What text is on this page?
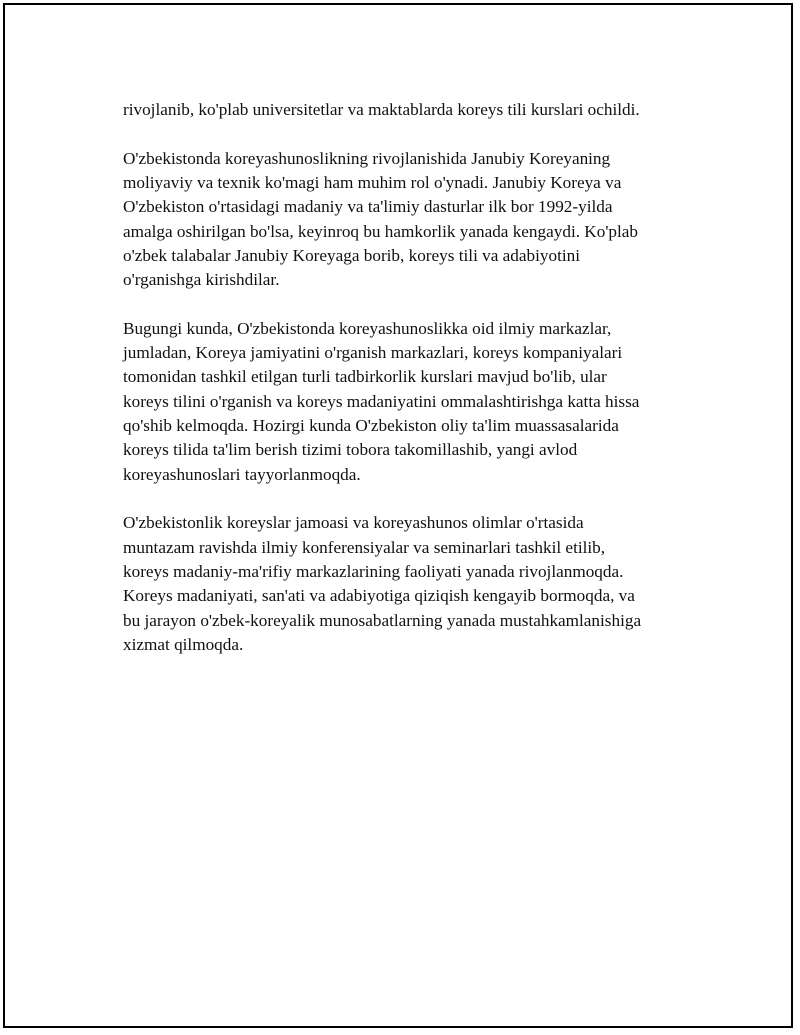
rivojlanib, ko'plab universitetlar va maktablarda koreys tili kurslari ochildi.

O'zbekistonda koreyashunoslikning rivojlanishida Janubiy Koreyaning
moliyaviy va texnik ko'magi ham muhim rol o'ynadi. Janubiy Koreya va
O'zbekiston o'rtasidagi madaniy va ta'limiy dasturlar ilk bor 1992-yilda
amalga oshirilgan bo'lsa, keyinroq bu hamkorlik yanada kengaydi. Ko'plab
o'zbek talabalar Janubiy Koreyaga borib, koreys tili va adabiyotini
o'rganishga kirishdilar.

Bugungi kunda, O'zbekistonda koreyashunoslikka oid ilmiy markazlar,
jumladan, Koreya jamiyatini o'rganish markazlari, koreys kompaniyalari
tomonidan tashkil etilgan turli tadbirkorlik kurslari mavjud bo'lib, ular
koreys tilini o'rganish va koreys madaniyatini ommalashtirishga katta hissa
qo'shib kelmoqda. Hozirgi kunda O'zbekiston oliy ta'lim muassasalarida
koreys tilida ta'lim berish tizimi tobora takomillashib, yangi avlod
koreyashunoslari tayyorlanmoqda.

O'zbekistonlik koreyslar jamoasi va koreyashunos olimlar o'rtasida
muntazam ravishda ilmiy konferensiyalar va seminarlari tashkil etilib,
koreys madaniy-ma'rifiy markazlarining faoliyati yanada rivojlanmoqda.
Koreys madaniyati, san'ati va adabiyotiga qiziqish kengayib bormoqda, va
bu jarayon o'zbek-koreyalik munosabatlarning yanada mustahkamlanishiga
xizmat qilmoqda.
